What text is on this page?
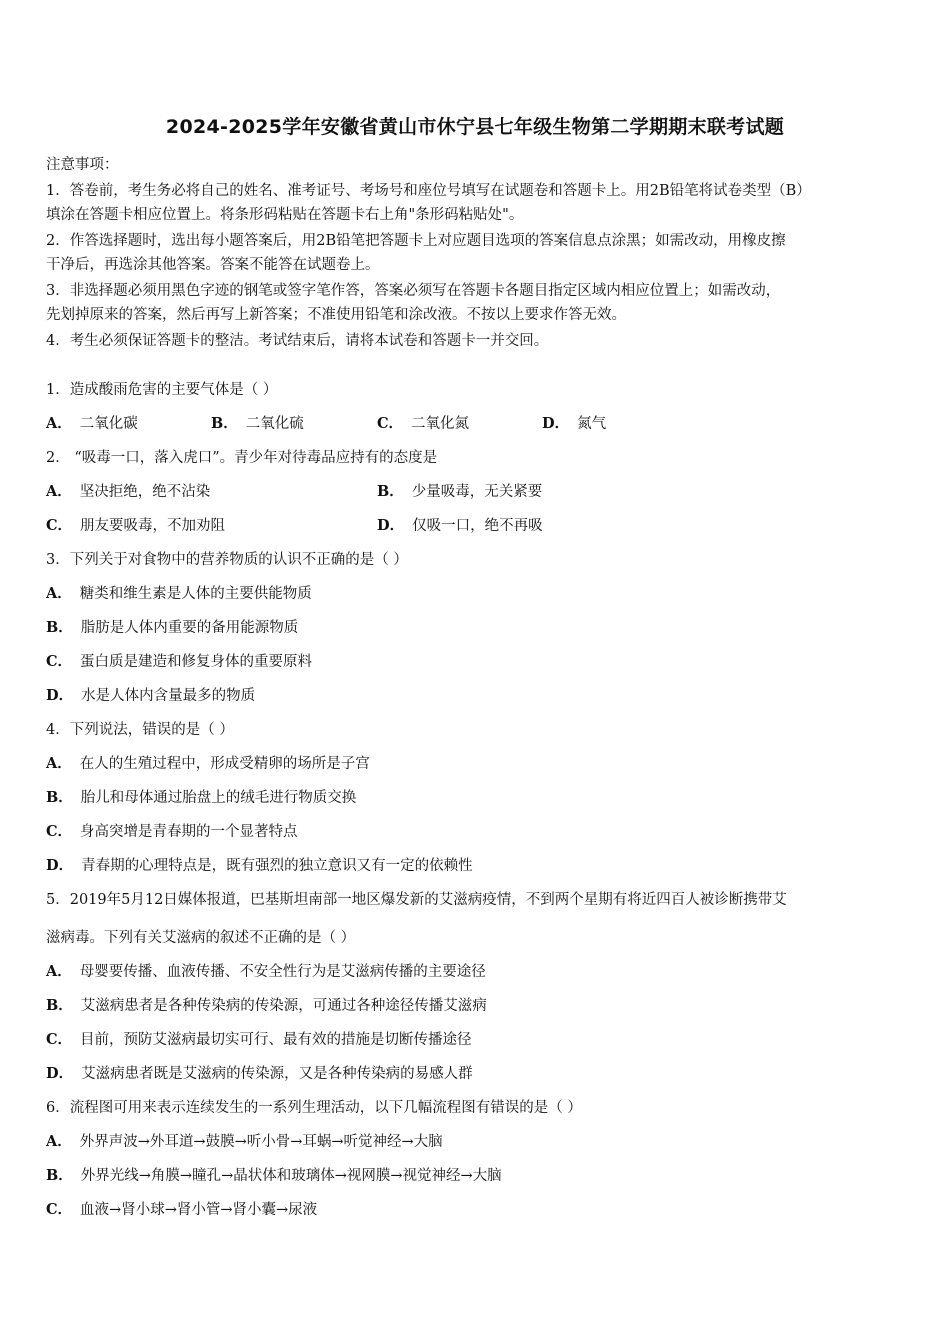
2024-2025学年安徽省黄山市休宁县七年级生物第二学期期末联考试题
注意事项：
1．答卷前，考生务必将自己的姓名、准考证号、考场号和座位号填写在试题卷和答题卡上。用2B铅笔将试卷类型（B）
填涂在答题卡相应位置上。将条形码粘贴在答题卡右上角"条形码粘贴处"。
2．作答选择题时，选出每小题答案后，用2B铅笔把答题卡上对应题目选项的答案信息点涂黑；如需改动，用橡皮擦
干净后，再选涂其他答案。答案不能答在试题卷上。
3．非选择题必须用黑色字迹的钢笔或签字笔作答，答案必须写在答题卡各题目指定区域内相应位置上；如需改动，
先划掉原来的答案，然后再写上新答案；不准使用铅笔和涂改液。不按以上要求作答无效。
4．考生必须保证答题卡的整洁。考试结束后，请将本试卷和答题卡一并交回。
1．造成酸雨危害的主要气体是（ ）
A． 二氧化碳	B． 二氧化硫	C． 二氧化氮	D． 氮气
2． “吸毒一口，落入虎口”。青少年对待毒品应持有的态度是
A． 坚决拒绝，绝不沾染	B． 少量吸毒，无关紧要
C． 朋友要吸毒，不加劝阻	D． 仅吸一口，绝不再吸
3．下列关于对食物中的营养物质的认识不正确的是（ ）
A． 糖类和维生素是人体的主要供能物质
B． 脂肪是人体内重要的备用能源物质
C． 蛋白质是建造和修复身体的重要原料
D． 水是人体内含量最多的物质
4．下列说法，错误的是（ ）
A． 在人的生殖过程中，形成受精卵的场所是子宫
B． 胎儿和母体通过胎盘上的绒毛进行物质交换
C． 身高突增是青春期的一个显著特点
D． 青春期的心理特点是，既有强烈的独立意识又有一定的依赖性
5．2019年5月12日媒体报道，巴基斯坦南部一地区爆发新的艾滋病疫情，不到两个星期有将近四百人被诊断携带艾
滋病毒。下列有关艾滋病的叙述不正确的是（ ）
A． 母婴要传播、血液传播、不安全性行为是艾滋病传播的主要途径
B． 艾滋病患者是各种传染病的传染源，可通过各种途径传播艾滋病
C． 目前，预防艾滋病最切实可行、最有效的措施是切断传播途径
D． 艾滋病患者既是艾滋病的传染源，又是各种传染病的易感人群
6．流程图可用来表示连续发生的一系列生理活动，以下几幅流程图有错误的是（ ）
A． 外界声波→外耳道→鼓膜→听小骨→耳蜗→听觉神经→大脑
B． 外界光线→角膜→瞳孔→晶状体和玻璃体→视网膜→视觉神经→大脑
C． 血液→肾小球→肾小管→肾小囊→尿液
